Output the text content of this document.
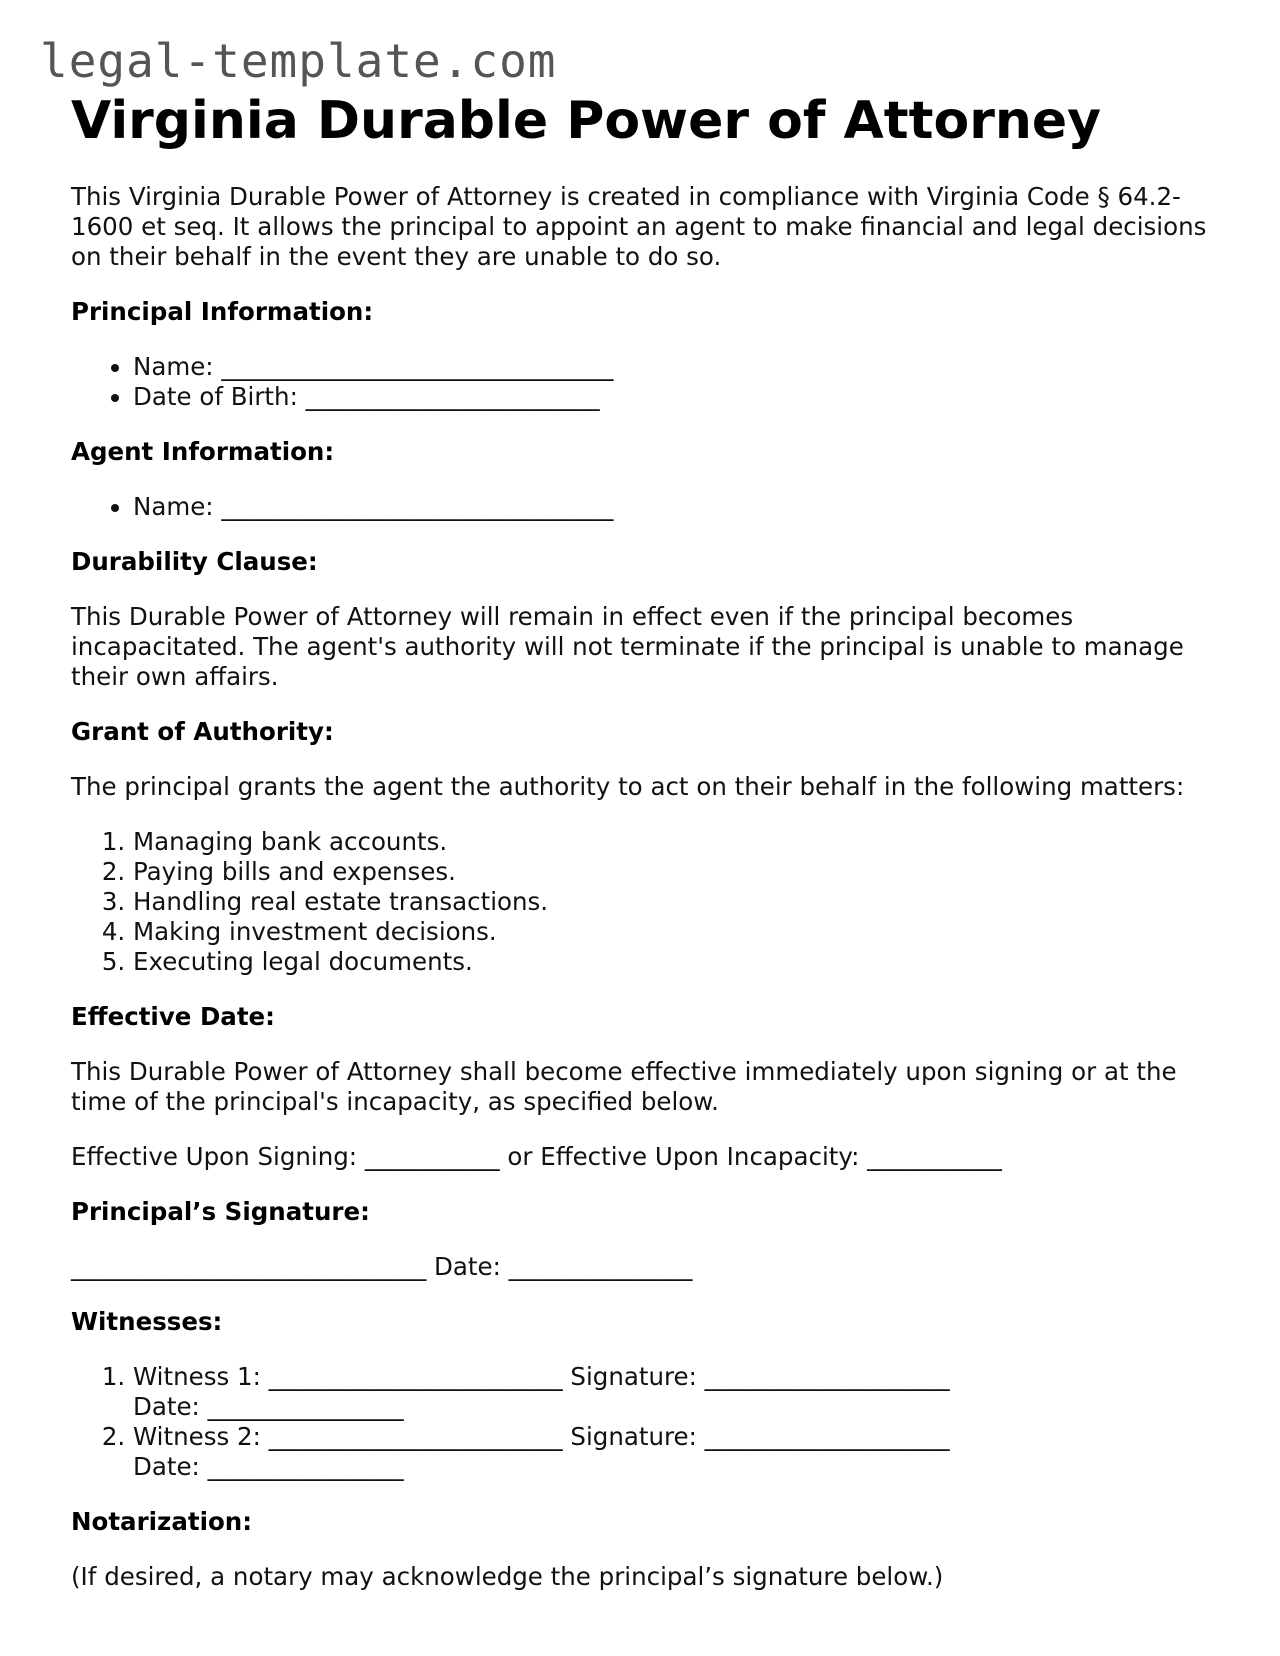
legal-template.com
Virginia Durable Power of Attorney

This Virginia Durable Power of Attorney is created in compliance with Virginia Code § 64.2-1600 et seq. It allows the principal to appoint an agent to make financial and legal decisions on their behalf in the event they are unable to do so.

Principal Information:
• Name: ________________________________
• Date of Birth: ________________________
Agent Information:
• Name: ________________________________
Durability Clause:

This Durable Power of Attorney will remain in effect even if the principal becomes incapacitated. The agent's authority will not terminate if the principal is unable to manage their own affairs.

Grant of Authority:

The principal grants the agent the authority to act on their behalf in the following matters:

1. Managing bank accounts.
2. Paying bills and expenses.
3. Handling real estate transactions.
4. Making investment decisions.
5. Executing legal documents.
Effective Date:

This Durable Power of Attorney shall become effective immediately upon signing or at the time of the principal's incapacity, as specified below.

Effective Upon Signing: ___________ or Effective Upon Incapacity: ___________

Principal’s Signature:

_____________________________ Date: _______________

Witnesses:
1. Witness 1: ________________________ Signature: ____________________ Date: ________________
2. Witness 2: ________________________ Signature: ____________________ Date: ________________
Notarization:

(If desired, a notary may acknowledge the principal’s signature below.)
